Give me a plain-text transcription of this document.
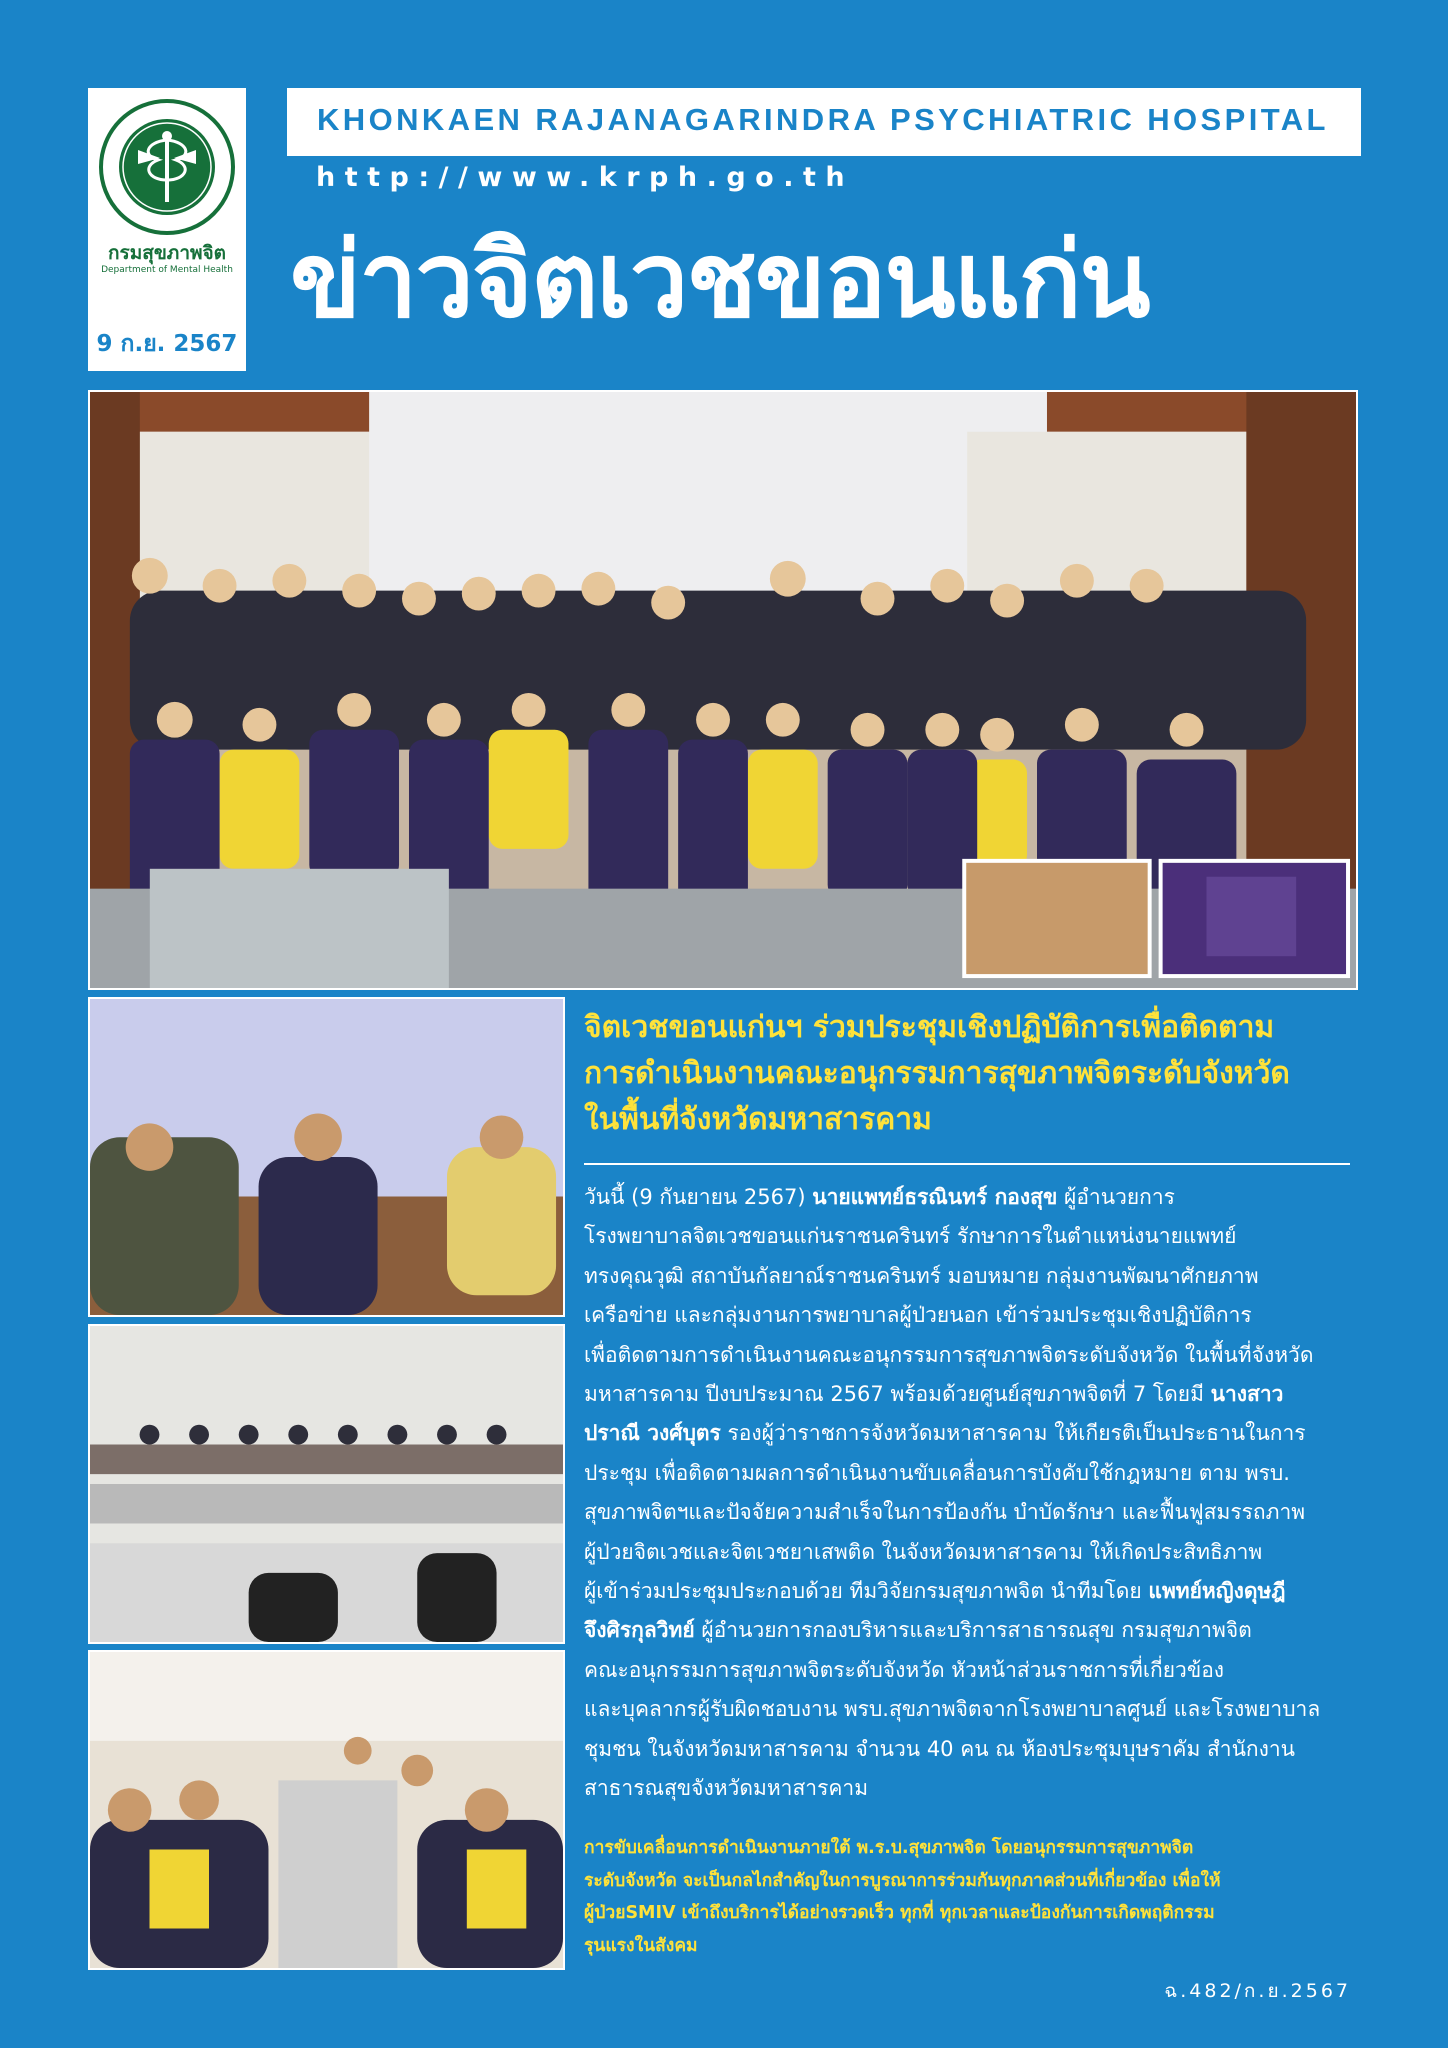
กรมสุขภาพจิต
Department of Mental Health
9 ก.ย. 2567
KHONKAEN RAJANAGARINDRA PSYCHIATRIC HOSPITAL
http://www.krph.go.th
ข่าวจิตเวชขอนแก่น
จิตเวชขอนแก่นฯ ร่วมประชุมเชิงปฏิบัติการเพื่อติดตาม
การดำเนินงานคณะอนุกรรมการสุขภาพจิตระดับจังหวัด
ในพื้นที่จังหวัดมหาสารคาม
วันนี้ (9 กันยายน 2567) นายแพทย์ธรณินทร์ กองสุข ผู้อำนวยการ
โรงพยาบาลจิตเวชขอนแก่นราชนครินทร์ รักษาการในตำแหน่งนายแพทย์
ทรงคุณวุฒิ สถาบันกัลยาณ์ราชนครินทร์ มอบหมาย กลุ่มงานพัฒนาศักยภาพ
เครือข่าย และกลุ่มงานการพยาบาลผู้ป่วยนอก เข้าร่วมประชุมเชิงปฏิบัติการ
เพื่อติดตามการดำเนินงานคณะอนุกรรมการสุขภาพจิตระดับจังหวัด ในพื้นที่จังหวัด
มหาสารคาม ปีงบประมาณ 2567 พร้อมด้วยศูนย์สุขภาพจิตที่ 7 โดยมี นางสาว
ปราณี วงศ์บุตร รองผู้ว่าราชการจังหวัดมหาสารคาม ให้เกียรติเป็นประธานในการ
ประชุม เพื่อติดตามผลการดำเนินงานขับเคลื่อนการบังคับใช้กฎหมาย ตาม พรบ.
สุขภาพจิตฯและปัจจัยความสำเร็จในการป้องกัน บำบัดรักษา และฟื้นฟูสมรรถภาพ
ผู้ป่วยจิตเวชและจิตเวชยาเสพติด ในจังหวัดมหาสารคาม ให้เกิดประสิทธิภาพ
ผู้เข้าร่วมประชุมประกอบด้วย ทีมวิจัยกรมสุขภาพจิต นำทีมโดย แพทย์หญิงดุษฎี
จึงศิรกุลวิทย์ ผู้อำนวยการกองบริหารและบริการสาธารณสุข กรมสุขภาพจิต
คณะอนุกรรมการสุขภาพจิตระดับจังหวัด หัวหน้าส่วนราชการที่เกี่ยวข้อง
และบุคลากรผู้รับผิดชอบงาน พรบ.สุขภาพจิตจากโรงพยาบาลศูนย์ และโรงพยาบาล
ชุมชน ในจังหวัดมหาสารคาม จำนวน 40 คน ณ ห้องประชุมบุษราคัม สำนักงาน
สาธารณสุขจังหวัดมหาสารคาม
การขับเคลื่อนการดำเนินงานภายใต้ พ.ร.บ.สุขภาพจิต โดยอนุกรรมการสุขภาพจิต
ระดับจังหวัด จะเป็นกลไกสำคัญในการบูรณาการร่วมกันทุกภาคส่วนที่เกี่ยวข้อง เพื่อให้
ผู้ป่วยSMIV เข้าถึงบริการได้อย่างรวดเร็ว ทุกที่ ทุกเวลาและป้องกันการเกิดพฤติกรรม
รุนแรงในสังคม
ฉ.482/ก.ย.2567
